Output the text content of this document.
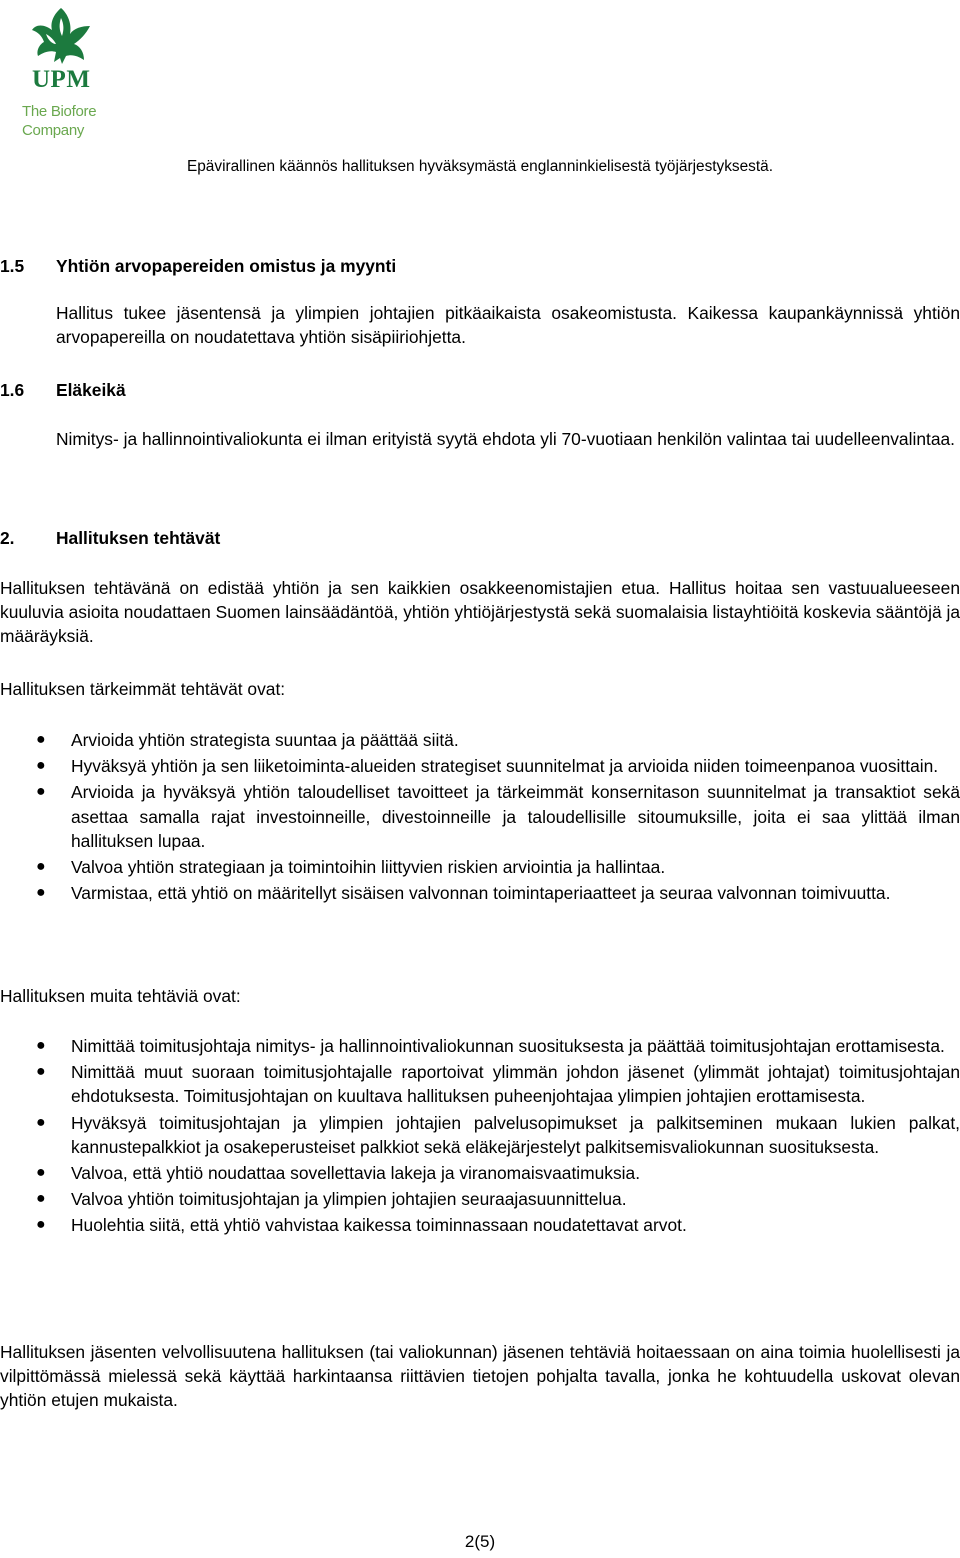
UPM
The Biofore
Company
Epävirallinen käännös hallituksen hyväksymästä englanninkielisestä työjärjestyksestä.
1.5 Yhtiön arvopapereiden omistus ja myynti

Hallitus tukee jäsentensä ja ylimpien johtajien pitkäaikaista osakeomistusta. Kaikessa kaupankäynnissä yhtiön arvopapereilla on noudatettava yhtiön sisäpiiriohjetta.

1.6 Eläkeikä

Nimitys- ja hallinnointivaliokunta ei ilman erityistä syytä ehdota yli 70-vuotiaan henkilön valintaa tai uudelleenvalintaa.

2. Hallituksen tehtävät

Hallituksen tehtävänä on edistää yhtiön ja sen kaikkien osakkeenomistajien etua. Hallitus hoitaa sen vastuualueeseen kuuluvia asioita noudattaen Suomen lainsäädäntöä, yhtiön yhtiöjärjestystä sekä suomalaisia listayhtiöitä koskevia sääntöjä ja määräyksiä.

Hallituksen tärkeimmät tehtävät ovat:

● Arvioida yhtiön strategista suuntaa ja päättää siitä.
● Hyväksyä yhtiön ja sen liiketoiminta-alueiden strategiset suunnitelmat ja arvioida niiden toimeenpanoa vuosittain.
● Arvioida ja hyväksyä yhtiön taloudelliset tavoitteet ja tärkeimmät konsernitason suunnitelmat ja transaktiot sekä asettaa samalla rajat investoinneille, divestoinneille ja taloudellisille sitoumuksille, joita ei saa ylittää ilman hallituksen lupaa.
● Valvoa yhtiön strategiaan ja toimintoihin liittyvien riskien arviointia ja hallintaa.
● Varmistaa, että yhtiö on määritellyt sisäisen valvonnan toimintaperiaatteet ja seuraa valvonnan toimivuutta.

Hallituksen muita tehtäviä ovat:

● Nimittää toimitusjohtaja nimitys- ja hallinnointivaliokunnan suosituksesta ja päättää toimitusjohtajan erottamisesta.
● Nimittää muut suoraan toimitusjohtajalle raportoivat ylimmän johdon jäsenet (ylimmät johtajat) toimitusjohtajan ehdotuksesta. Toimitusjohtajan on kuultava hallituksen puheenjohtajaa ylimpien johtajien erottamisesta.
● Hyväksyä toimitusjohtajan ja ylimpien johtajien palvelusopimukset ja palkitseminen mukaan lukien palkat, kannustepalkkiot ja osakeperusteiset palkkiot sekä eläkejärjestelyt palkitsemisvaliokunnan suosituksesta.
● Valvoa, että yhtiö noudattaa sovellettavia lakeja ja viranomaisvaatimuksia.
● Valvoa yhtiön toimitusjohtajan ja ylimpien johtajien seuraajasuunnittelua.
● Huolehtia siitä, että yhtiö vahvistaa kaikessa toiminnassaan noudatettavat arvot.

Hallituksen jäsenten velvollisuutena hallituksen (tai valiokunnan) jäsenen tehtäviä hoitaessaan on aina toimia huolellisesti ja vilpittömässä mielessä sekä käyttää harkintaansa riittävien tietojen pohjalta tavalla, jonka he kohtuudella uskovat olevan yhtiön etujen mukaista.

2(5)
